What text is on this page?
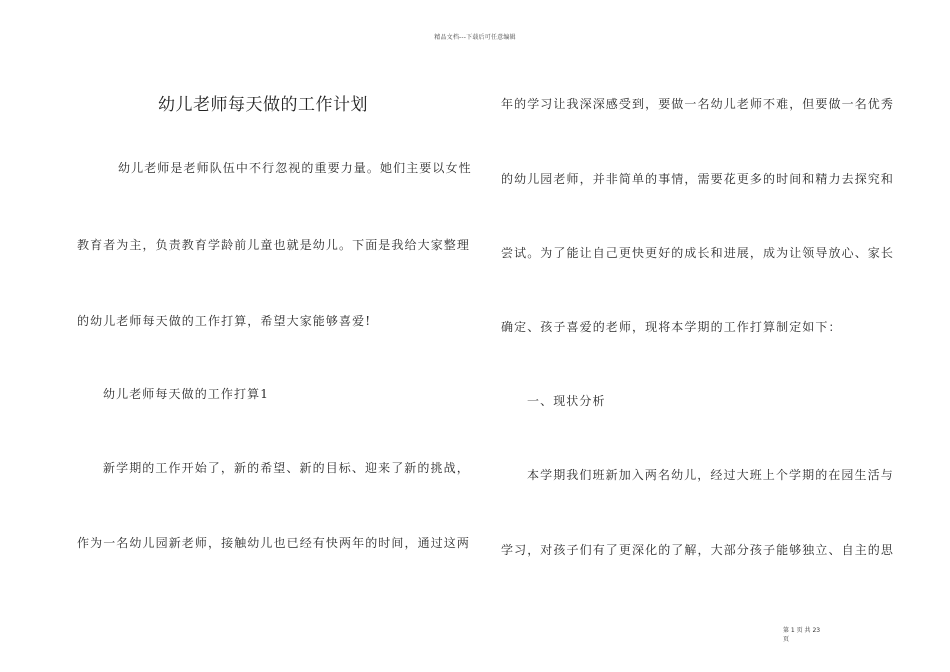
精品文档---下载后可任意编辑
幼儿老师每天做的工作计划
幼儿老师是老师队伍中不行忽视的重要力量。她们主要以女性
教育者为主，负责教育学龄前儿童也就是幼儿。下面是我给大家整理
的幼儿老师每天做的工作打算，希望大家能够喜爱!
幼儿老师每天做的工作打算1
新学期的工作开始了，新的希望、新的目标、迎来了新的挑战，
作为一名幼儿园新老师，接触幼儿也已经有快两年的时间，通过这两
年的学习让我深深感受到，要做一名幼儿老师不难，但要做一名优秀
的幼儿园老师，并非简单的事情，需要花更多的时间和精力去探究和
尝试。为了能让自己更快更好的成长和进展，成为让领导放心、家长
确定、孩子喜爱的老师，现将本学期的工作打算制定如下：
一、现状分析
本学期我们班新加入两名幼儿，经过大班上个学期的在园生活与
学习，对孩子们有了更深化的了解，大部分孩子能够独立、自主的思
第 1 页 共 23
页
